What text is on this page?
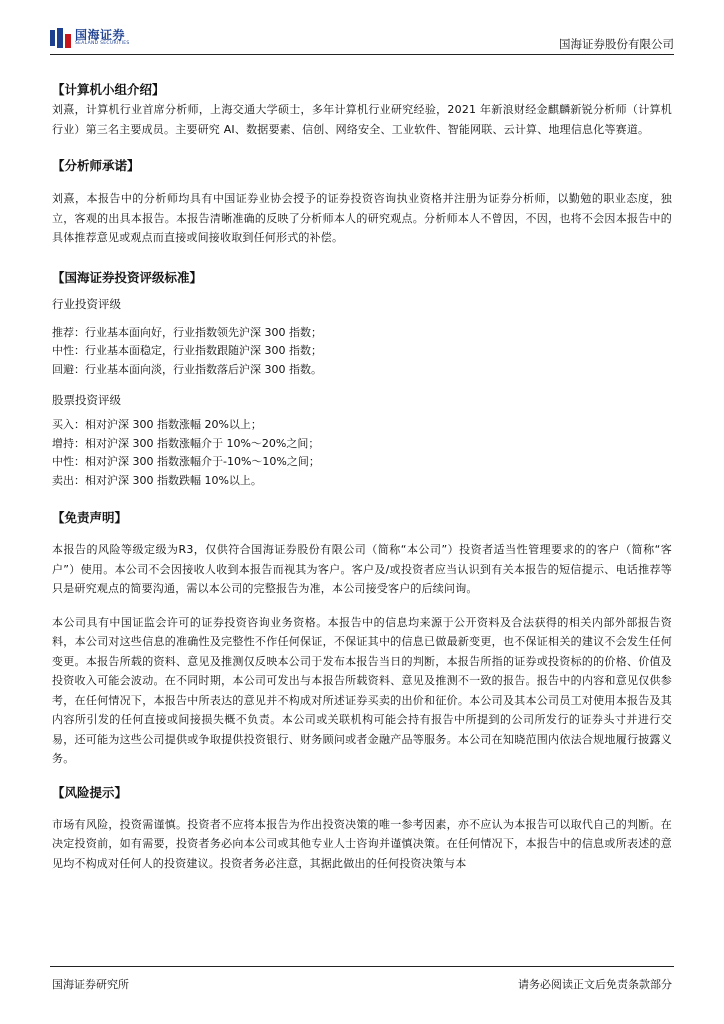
国海证券
SEALAND SECURITIES	国海证券股份有限公司

【计算机小组介绍】

刘熹，计算机行业首席分析师，上海交通大学硕士，多年计算机行业研究经验，2021 年新浪财经金麒麟新锐分析师（计算机行业）第三名主要成员。主要研究 AI、数据要素、信创、网络安全、工业软件、智能网联、云计算、地理信息化等赛道。

【分析师承诺】

刘熹，本报告中的分析师均具有中国证券业协会授予的证券投资咨询执业资格并注册为证券分析师，以勤勉的职业态度，独立，客观的出具本报告。本报告清晰准确的反映了分析师本人的研究观点。分析师本人不曾因，不因，也将不会因本报告中的具体推荐意见或观点而直接或间接收取到任何形式的补偿。

【国海证券投资评级标准】

行业投资评级

推荐：行业基本面向好，行业指数领先沪深 300 指数；

中性：行业基本面稳定，行业指数跟随沪深 300 指数；

回避：行业基本面向淡，行业指数落后沪深 300 指数。

股票投资评级

买入：相对沪深 300 指数涨幅 20%以上；

增持：相对沪深 300 指数涨幅介于 10%～20%之间；

中性：相对沪深 300 指数涨幅介于-10%～10%之间；

卖出：相对沪深 300 指数跌幅 10%以上。

【免责声明】

本报告的风险等级定级为R3，仅供符合国海证券股份有限公司（简称“本公司”）投资者适当性管理要求的的客户（简称“客户”）使用。本公司不会因接收人收到本报告而视其为客户。客户及/或投资者应当认识到有关本报告的短信提示、电话推荐等只是研究观点的简要沟通，需以本公司的完整报告为准，本公司接受客户的后续问询。

本公司具有中国证监会许可的证券投资咨询业务资格。本报告中的信息均来源于公开资料及合法获得的相关内部外部报告资料，本公司对这些信息的准确性及完整性不作任何保证，不保证其中的信息已做最新变更，也不保证相关的建议不会发生任何变更。本报告所载的资料、意见及推测仅反映本公司于发布本报告当日的判断，本报告所指的证券或投资标的的价格、价值及投资收入可能会波动。在不同时期，本公司可发出与本报告所载资料、意见及推测不一致的报告。报告中的内容和意见仅供参考，在任何情况下，本报告中所表达的意见并不构成对所述证券买卖的出价和征价。本公司及其本公司员工对使用本报告及其内容所引发的任何直接或间接损失概不负责。本公司或关联机构可能会持有报告中所提到的公司所发行的证券头寸并进行交易，还可能为这些公司提供或争取提供投资银行、财务顾问或者金融产品等服务。本公司在知晓范围内依法合规地履行披露义务。

【风险提示】

市场有风险，投资需谨慎。投资者不应将本报告为作出投资决策的唯一参考因素，亦不应认为本报告可以取代自己的判断。在决定投资前，如有需要，投资者务必向本公司或其他专业人士咨询并谨慎决策。在任何情况下，本报告中的信息或所表述的意见均不构成对任何人的投资建议。投资者务必注意，其据此做出的任何投资决策与本

国海证券研究所	请务必阅读正文后免责条款部分
